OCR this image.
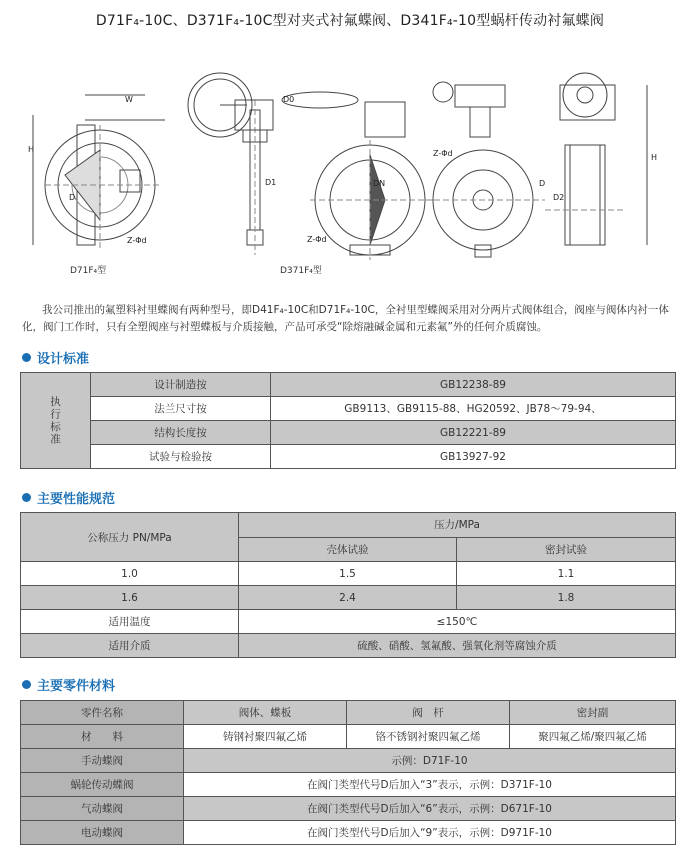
D71F₄-10C、D371F₄-10C型对夹式衬氟蝶阀、D341F₄-10型蜗杆传动衬氟蝶阀
W
H
D
Z-Φd
D0
D1	DN
Z-Φd
Z-Φd
D2
D
H
D71F₄型	D371F₄型
我公司推出的氟塑料衬里蝶阀有两种型号，即D41F₄-10C和D71F₄-10C，全衬里型蝶阀采用对分两片式阀体组合，阀座与阀体内衬一体化，阀门工作时，只有全塑阀座与衬塑蝶板与介质接触，产品可承受“除熔融碱金属和元素氟”外的任何介质腐蚀。
设计标准
执行标准	设计制造按	GB12238-89
	法兰尺寸按	GB9113、GB9115-88、HG20592、JB78～79-94、
	结构长度按	GB12221-89
	试验与检验按	GB13927-92
主要性能规范
公称压力 PN/MPa	压力/MPa	
	壳体试验	密封试验
1.0	1.5	1.1
1.6	2.4	1.8
适用温度	≤150℃	
适用介质	硫酸、硝酸、氢氟酸、强氧化剂等腐蚀介质	
主要零件材料
零件名称	阀体、蝶板	阀　杆	密封副
材　　料	铸钢衬聚四氟乙烯	铬不锈钢衬聚四氟乙烯	聚四氟乙烯/聚四氟乙烯
手动蝶阀	示例：D71F-10		
蜗轮传动蝶阀	在阀门类型代号D后加入“3”表示，示例：D371F-10		
气动蝶阀	在阀门类型代号D后加入“6”表示，示例：D671F-10		
电动蝶阀	在阀门类型代号D后加入“9”表示，示例：D971F-10		
